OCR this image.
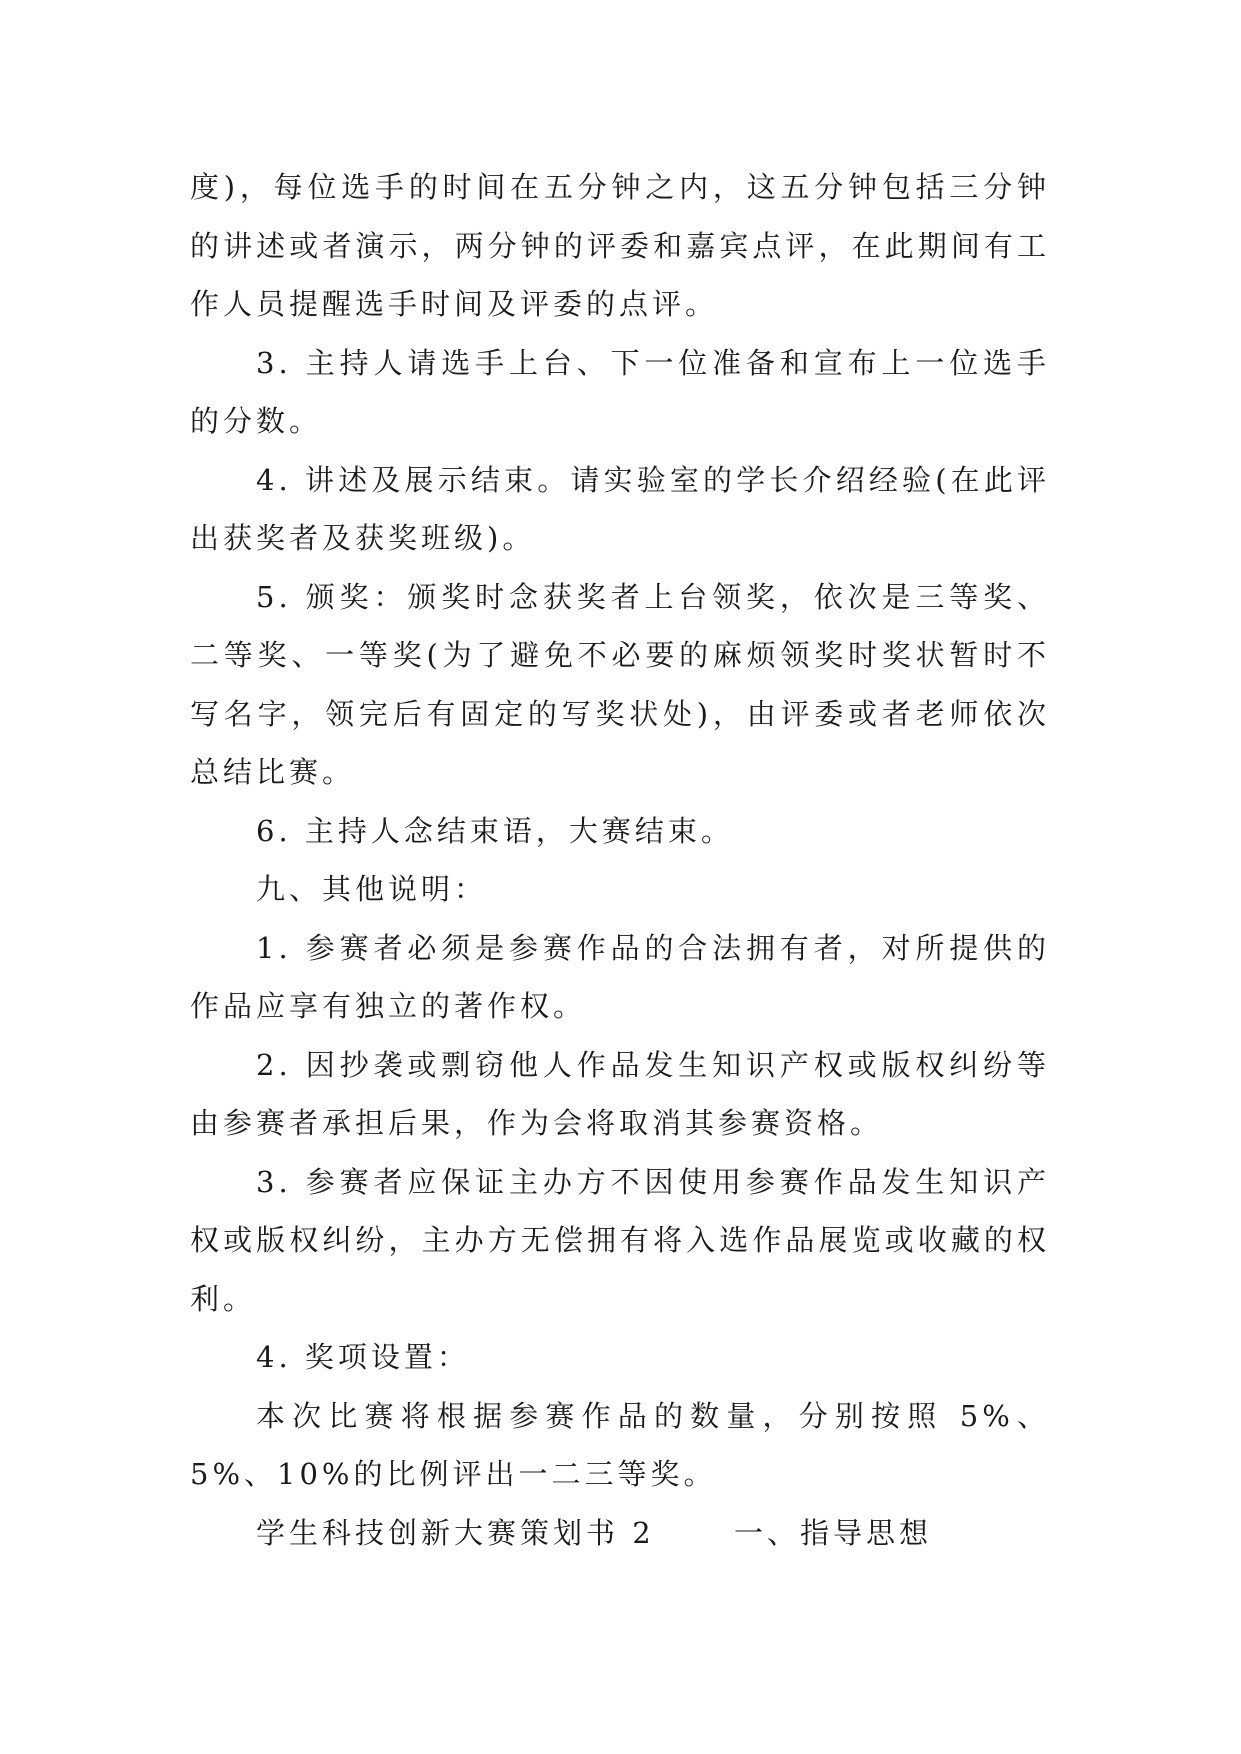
度)，每位选手的时间在五分钟之内，这五分钟包括三分钟的讲述或者演示，两分钟的评委和嘉宾点评，在此期间有工作人员提醒选手时间及评委的点评。

3. 主持人请选手上台、下一位准备和宣布上一位选手的分数。

4. 讲述及展示结束。请实验室的学长介绍经验(在此评出获奖者及获奖班级)。

5. 颁奖：颁奖时念获奖者上台领奖，依次是三等奖、二等奖、一等奖(为了避免不必要的麻烦领奖时奖状暂时不写名字，领完后有固定的写奖状处)，由评委或者老师依次总结比赛。

6. 主持人念结束语，大赛结束。

九、其他说明：

1. 参赛者必须是参赛作品的合法拥有者，对所提供的作品应享有独立的著作权。

2. 因抄袭或剽窃他人作品发生知识产权或版权纠纷等由参赛者承担后果，作为会将取消其参赛资格。

3. 参赛者应保证主办方不因使用参赛作品发生知识产权或版权纠纷，主办方无偿拥有将入选作品展览或收藏的权利。

4. 奖项设置：

本次比赛将根据参赛作品的数量，分别按照 5%、5%、10%的比例评出一二三等奖。

学生科技创新大赛策划书 2      一、指导思想
